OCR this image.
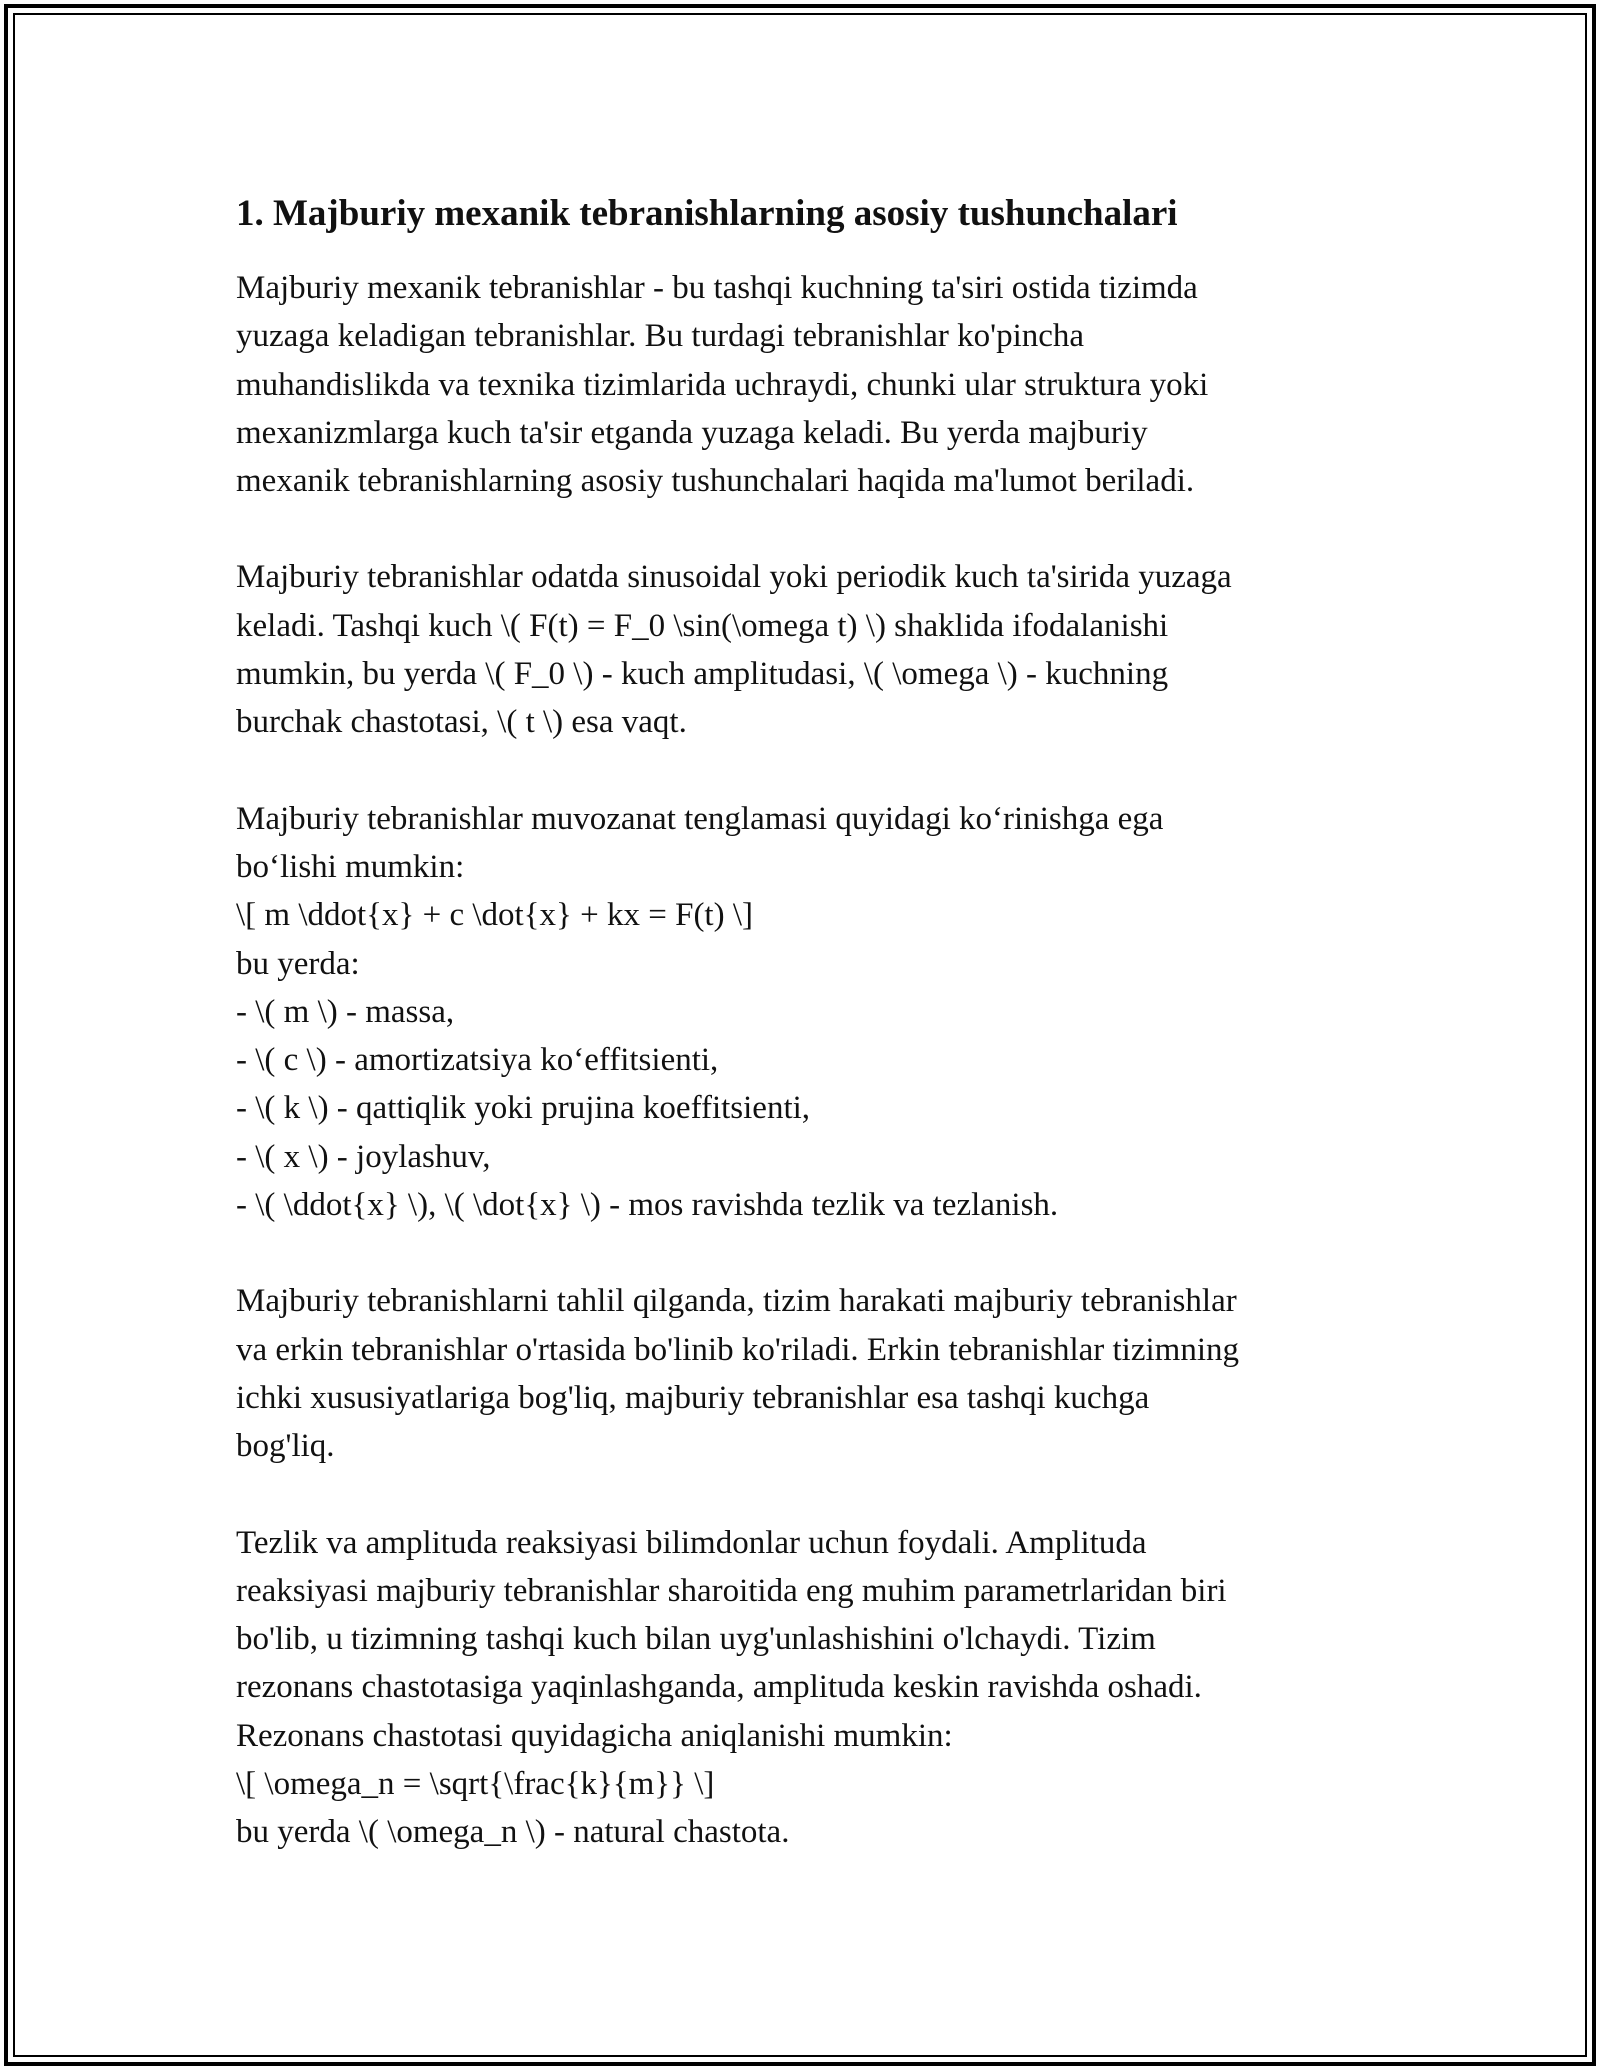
1. Majburiy mexanik tebranishlarning asosiy tushunchalari

Majburiy mexanik tebranishlar - bu tashqi kuchning ta'siri ostida tizimda
yuzaga keladigan tebranishlar. Bu turdagi tebranishlar ko'pincha
muhandislikda va texnika tizimlarida uchraydi, chunki ular struktura yoki
mexanizmlarga kuch ta'sir etganda yuzaga keladi. Bu yerda majburiy
mexanik tebranishlarning asosiy tushunchalari haqida ma'lumot beriladi.

Majburiy tebranishlar odatda sinusoidal yoki periodik kuch ta'sirida yuzaga
keladi. Tashqi kuch \( F(t) = F_0 \sin(\omega t) \) shaklida ifodalanishi
mumkin, bu yerda \( F_0 \) - kuch amplitudasi, \( \omega \) - kuchning
burchak chastotasi, \( t \) esa vaqt.

Majburiy tebranishlar muvozanat tenglamasi quyidagi ko‘rinishga ega
bo‘lishi mumkin:
\[ m \ddot{x} + c \dot{x} + kx = F(t) \]
bu yerda:
- \( m \) - massa,
- \( c \) - amortizatsiya ko‘effitsienti,
- \( k \) - qattiqlik yoki prujina koeffitsienti,
- \( x \) - joylashuv,
- \( \ddot{x} \), \( \dot{x} \) - mos ravishda tezlik va tezlanish.

Majburiy tebranishlarni tahlil qilganda, tizim harakati majburiy tebranishlar
va erkin tebranishlar o'rtasida bo'linib ko'riladi. Erkin tebranishlar tizimning
ichki xususiyatlariga bog'liq, majburiy tebranishlar esa tashqi kuchga
bog'liq.

Tezlik va amplituda reaksiyasi bilimdonlar uchun foydali. Amplituda
reaksiyasi majburiy tebranishlar sharoitida eng muhim parametrlaridan biri
bo'lib, u tizimning tashqi kuch bilan uyg'unlashishini o'lchaydi. Tizim
rezonans chastotasiga yaqinlashganda, amplituda keskin ravishda oshadi.
Rezonans chastotasi quyidagicha aniqlanishi mumkin:
\[ \omega_n = \sqrt{\frac{k}{m}} \]
bu yerda \( \omega_n \) - natural chastota.
